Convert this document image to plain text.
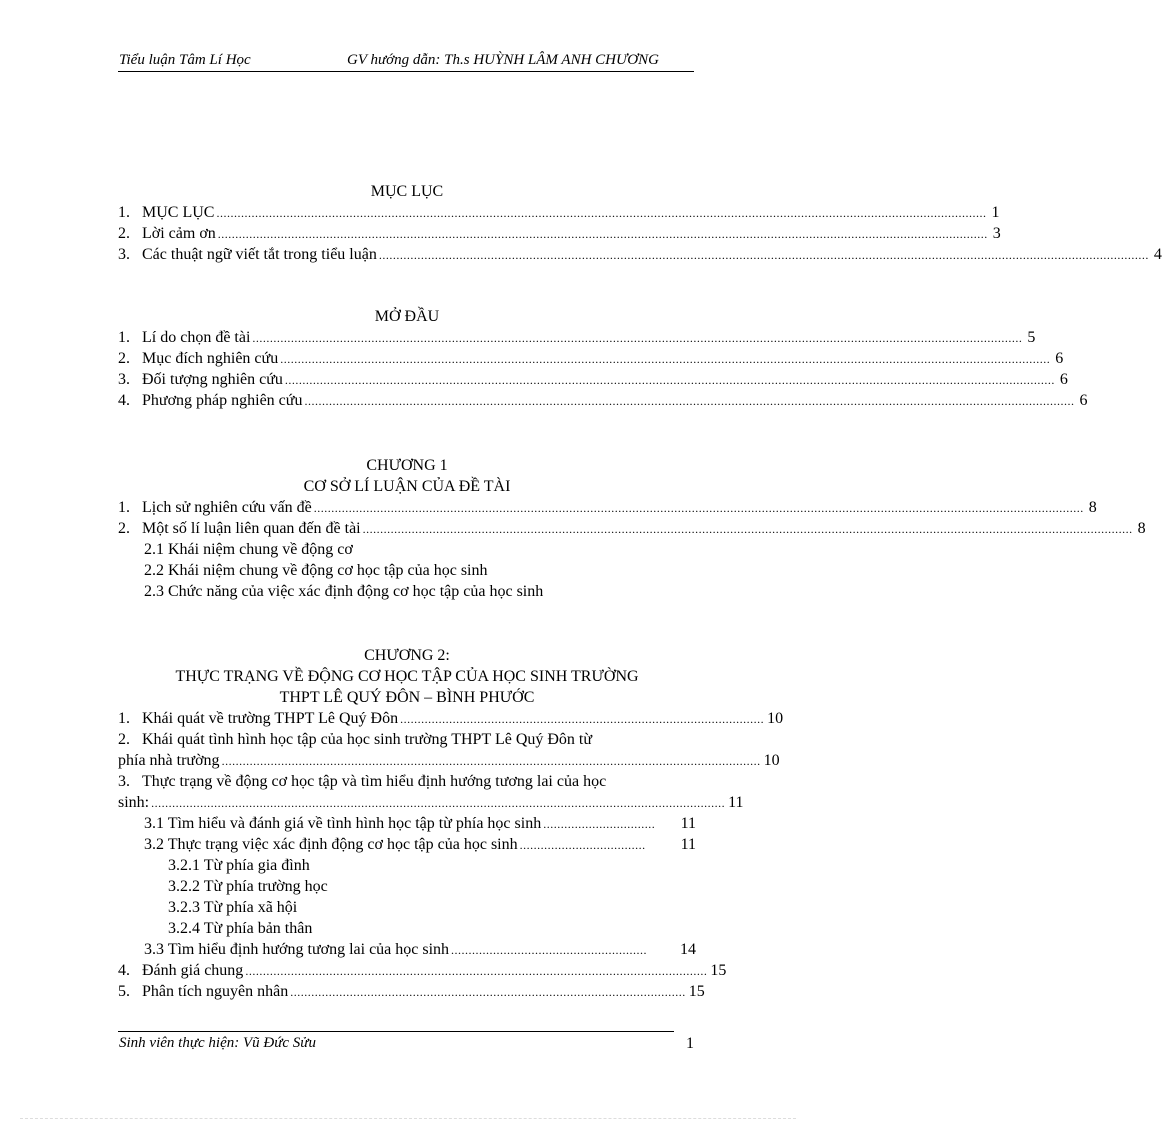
Tiểu luận Tâm Lí Học	GV hướng dẫn: Th.s HUỲNH LÂM ANH CHƯƠNG
MỤC LỤC
1. MỤC LỤC ............................................................................................................................................................................................................................ 1
2. Lời cảm ơn ............................................................................................................................................................................................................................ 3
3. Các thuật ngữ viết tắt trong tiểu luận ............................................................................................................................................................................................................................ 4
MỞ ĐẦU
1. Lí do chọn đề tài ............................................................................................................................................................................................................................ 5
2. Mục đích nghiên cứu ............................................................................................................................................................................................................................ 6
3. Đối tượng nghiên cứu ............................................................................................................................................................................................................................ 6
4. Phương pháp nghiên cứu ............................................................................................................................................................................................................................ 6
CHƯƠNG 1
CƠ SỞ LÍ LUẬN CỦA ĐỀ TÀI
1. Lịch sử nghiên cứu vấn đề ............................................................................................................................................................................................................................ 8
2. Một số lí luận liên quan đến đề tài ............................................................................................................................................................................................................................ 8
2.1 Khái niệm chung về động cơ
2.2 Khái niệm chung về động cơ học tập của học sinh
2.3 Chức năng của việc xác định động cơ học tập của học sinh
CHƯƠNG 2:
THỰC TRẠNG VỀ ĐỘNG CƠ HỌC TẬP CỦA HỌC SINH TRƯỜNG
THPT LÊ QUÝ ĐÔN – BÌNH PHƯỚC
1. Khái quát về trường THPT Lê Quý Đôn ........................................................................................................ 10
2. Khái quát tình hình học tập của học sinh trường THPT Lê Quý Đôn từ
phía nhà trường .......................................................................................................................................................... 10
3. Thực trạng về động cơ học tập và tìm hiểu định hướng tương lai của học
sinh: .................................................................................................................................................................... 11
3.1 Tìm hiểu và đánh giá về tình hình học tập từ phía học sinh ................................	11
3.2 Thực trạng việc xác định động cơ học tập của học sinh ....................................	11
3.2.1 Từ phía gia đình
3.2.2 Từ phía trường học
3.2.3 Từ phía xã hội
3.2.4 Từ phía bản thân
3.3 Tìm hiểu định hướng tương lai của học sinh ........................................................	14
4. Đánh giá chung .................................................................................................................................... 15
5. Phân tích nguyên nhân ................................................................................................................. 15
Sinh viên thực hiện: Vũ Đức Sửu	1
